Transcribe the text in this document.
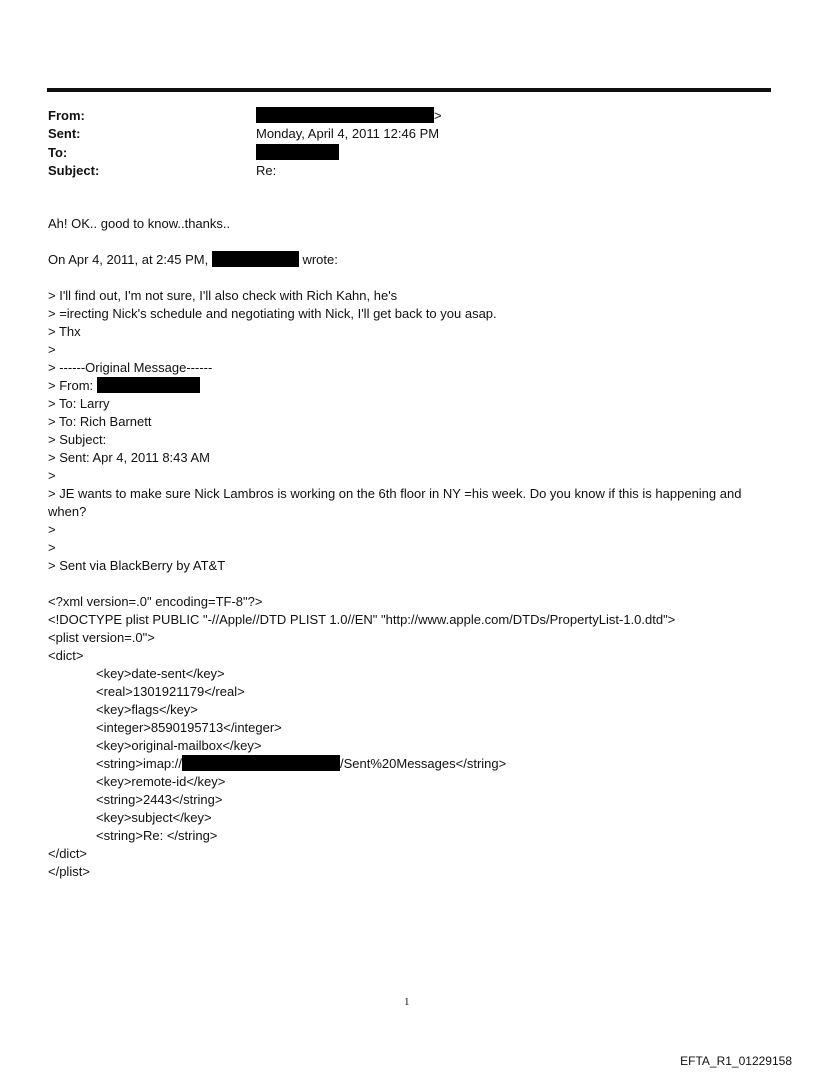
From:	>
Sent:	Monday, April 4, 2011 12:46 PM
To:
Subject:	Re:
Ah! OK.. good to know..thanks..
On Apr 4, 2011, at 2:45 PM,	wrote:
> I'll find out, I'm not sure, I'll also check with Rich Kahn, he's
> =irecting Nick's schedule and negotiating with Nick, I'll get back to you asap.
> Thx
>
> ------Original Message------
> From:
> To: Larry
> To: Rich Barnett
> Subject:
> Sent: Apr 4, 2011 8:43 AM
>
> JE wants to make sure Nick Lambros is working on the 6th floor in NY =his week. Do you know if this is happening and when?
>
>
> Sent via BlackBerry by AT&T
<?xml version=.0" encoding=TF-8"?>
<!DOCTYPE plist PUBLIC "-//Apple//DTD PLIST 1.0//EN" "http://www.apple.com/DTDs/PropertyList-1.0.dtd">
<plist version=.0">
<dict>
<key>date-sent</key>
<real>1301921179</real>
<key>flags</key>
<integer>8590195713</integer>
<key>original-mailbox</key>
<string>imap://	/Sent%20Messages</string>
<key>remote-id</key>
<string>2443</string>
<key>subject</key>
<string>Re: </string>
</dict>
</plist>
1
EFTA_R1_01229158
